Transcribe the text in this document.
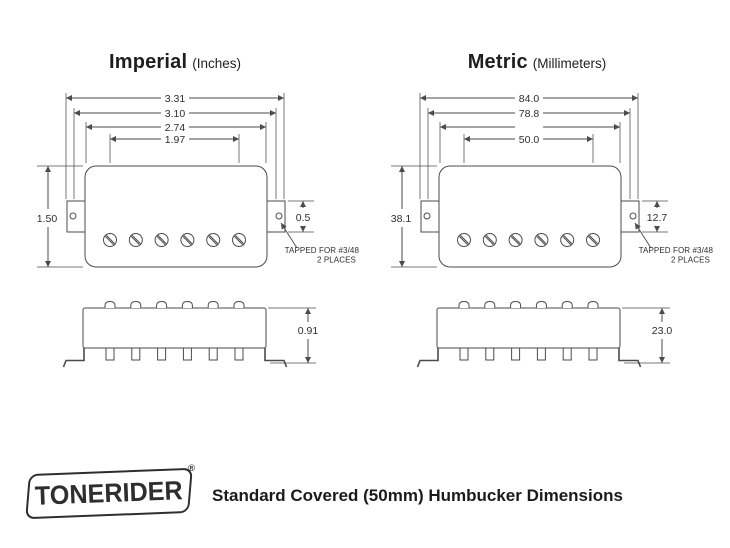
Imperial (Inches)	Metric (Millimeters)
3.31
3.10
2.74
1.97
1.50	0.5
0.91
TAPPED FOR #3/48
2 PLACES
84.0
78.8
50.0
38.1	12.7
23.0
TAPPED FOR #3/48
2 PLACES
TONERIDER
®
Standard Covered (50mm) Humbucker Dimensions
